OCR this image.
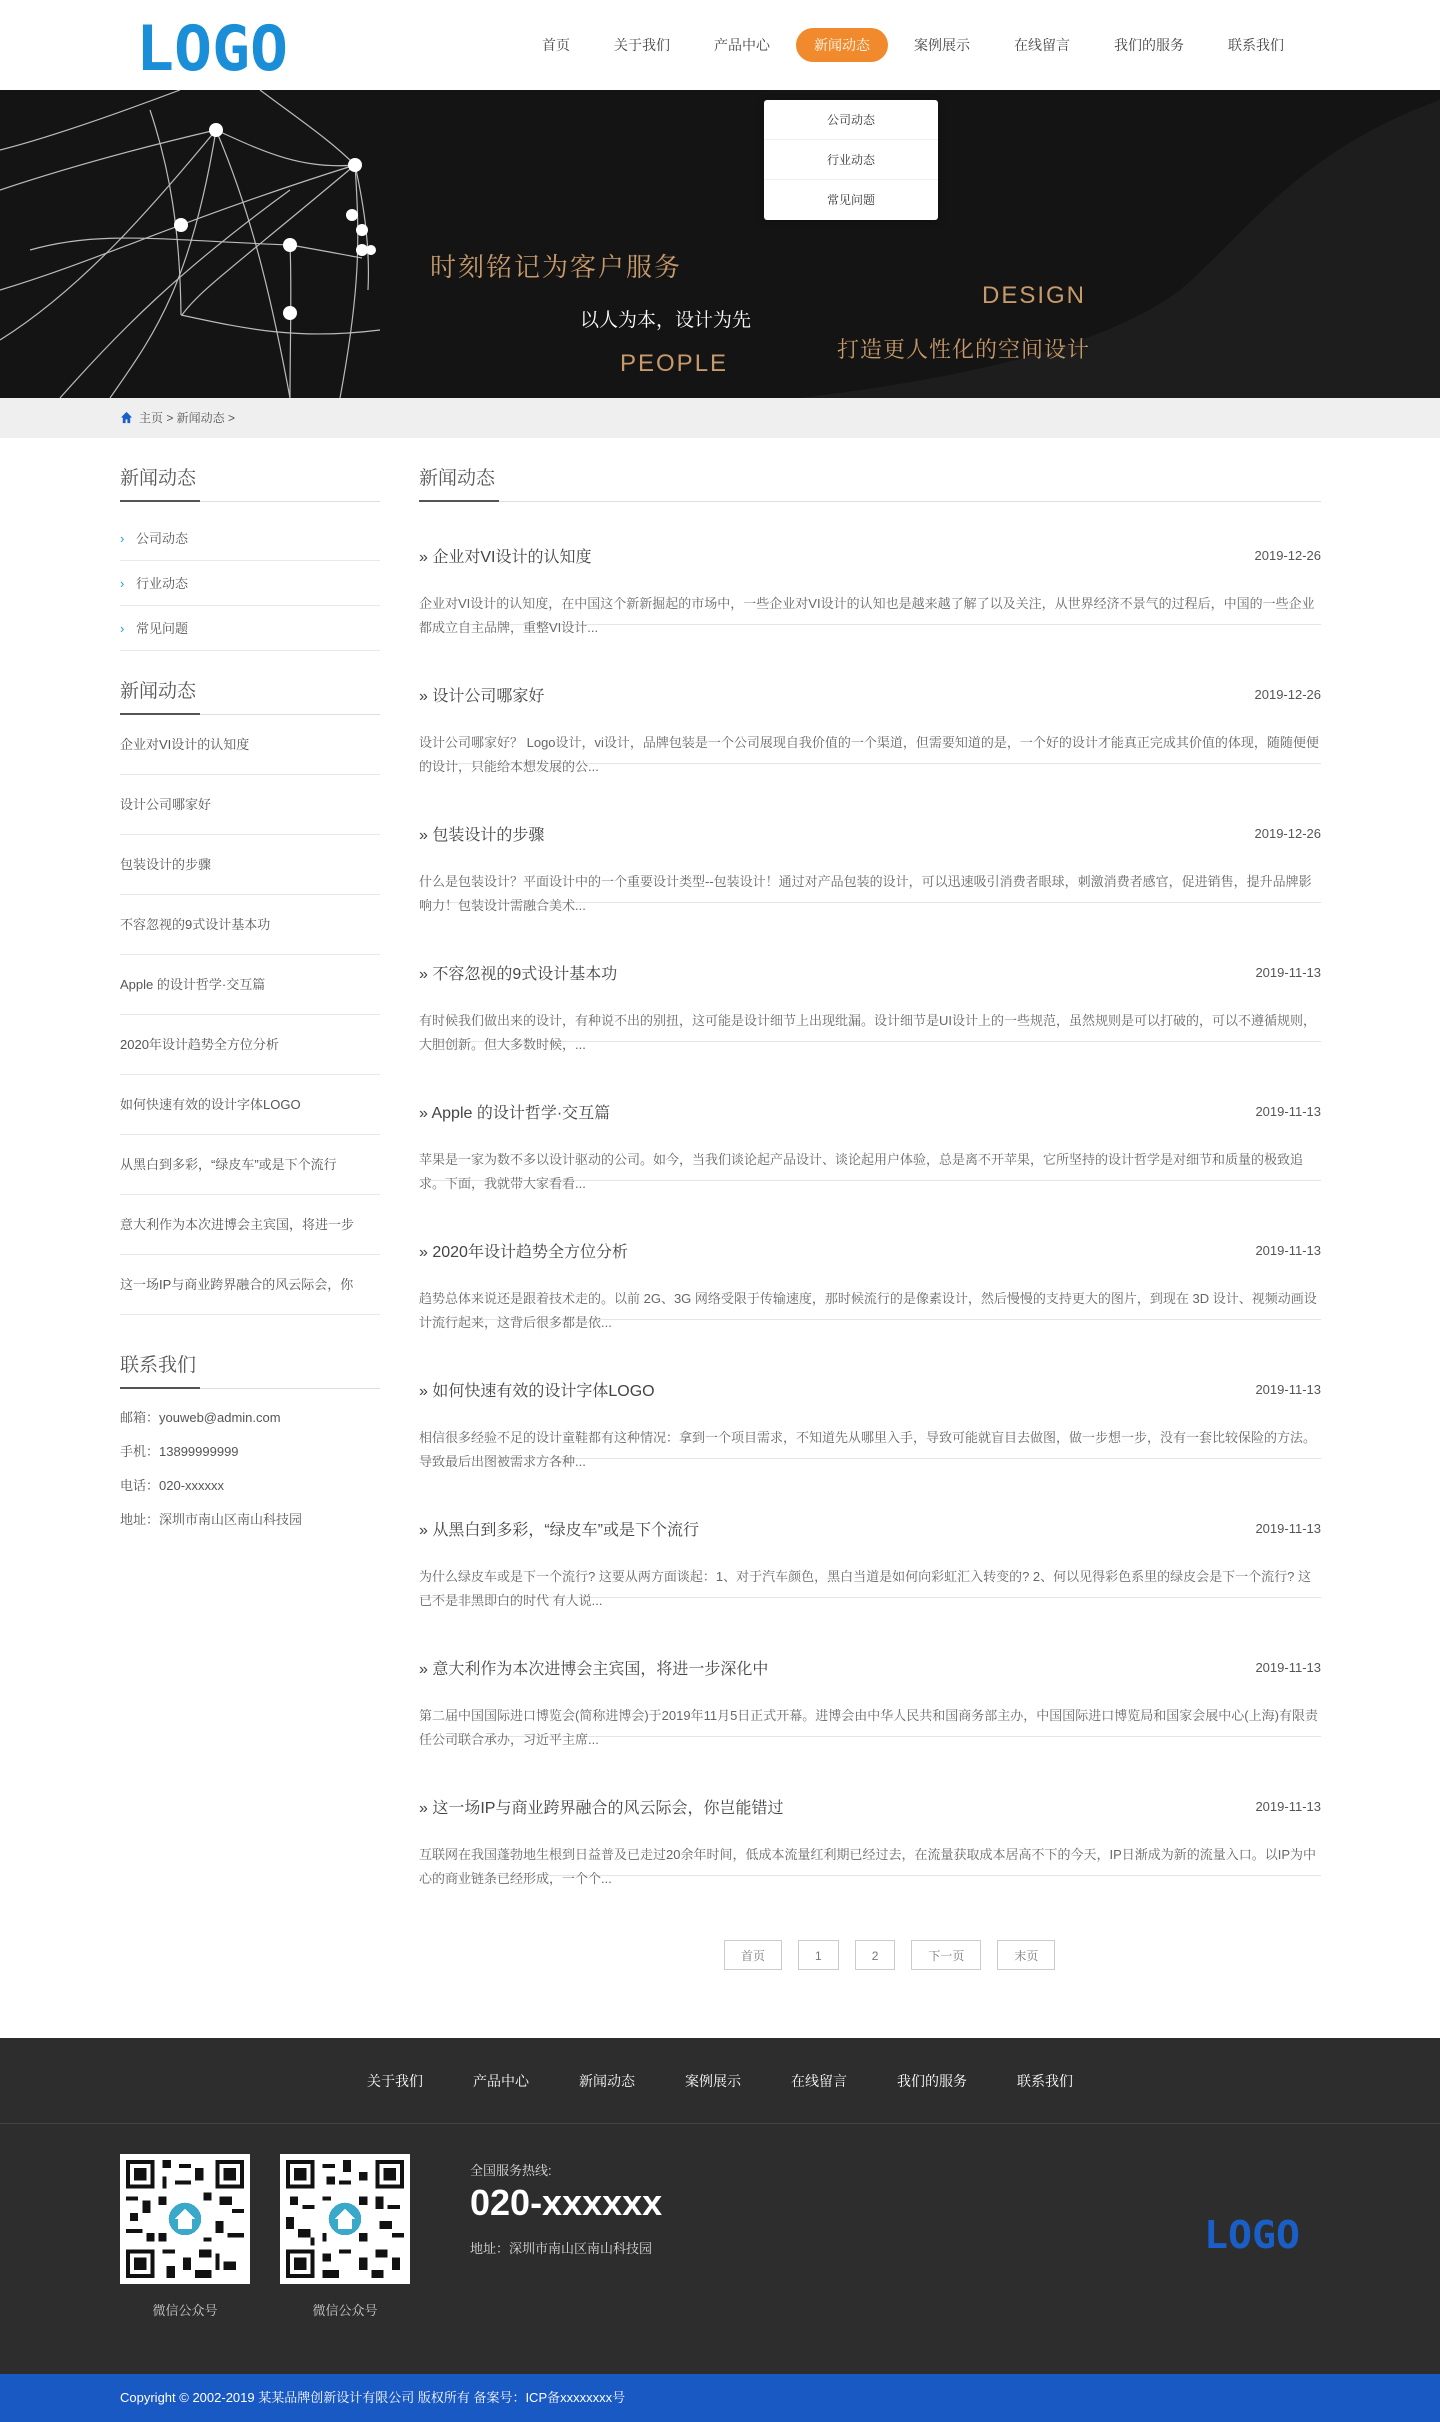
LOGO	首页	关于我们	产品中心	新闻动态	案例展示	在线留言	我们的服务	联系我们
公司动态
行业动态
常见问题
时刻铭记为客户服务
以人为本，设计为先
PEOPLE
DESIGN
打造更人性化的空间设计
主页 > 新闻动态 >
新闻动态
› 公司动态
› 行业动态
› 常见问题
新闻动态
企业对VI设计的认知度
设计公司哪家好
包装设计的步骤
不容忽视的9式设计基本功
Apple 的设计哲学·交互篇
2020年设计趋势全方位分析
如何快速有效的设计字体LOGO
从黑白到多彩，“绿皮车”或是下个流行
意大利作为本次进博会主宾国，将进一步
这一场IP与商业跨界融合的风云际会，你
联系我们
邮箱：youweb@admin.com
手机：13899999999
电话：020-xxxxxx
地址：深圳市南山区南山科技园
新闻动态
» 企业对VI设计的认知度	2019-12-26
企业对VI设计的认知度，在中国这个新新掘起的市场中，一些企业对VI设计的认知也是越来越了解了以及关注，从世界经济不景气的过程后，中国的一些企业都成立自主品牌，重整VI设计...
» 设计公司哪家好	2019-12-26
设计公司哪家好？ Logo设计，vi设计，品牌包装是一个公司展现自我价值的一个渠道，但需要知道的是，一个好的设计才能真正完成其价值的体现，随随便便的设计，只能给本想发展的公...
» 包装设计的步骤	2019-12-26
什么是包装设计？平面设计中的一个重要设计类型--包装设计！通过对产品包装的设计，可以迅速吸引消费者眼球，刺激消费者感官，促进销售，提升品牌影响力！包装设计需融合美术...
» 不容忽视的9式设计基本功	2019-11-13
有时候我们做出来的设计，有种说不出的别扭，这可能是设计细节上出现纰漏。设计细节是UI设计上的一些规范，虽然规则是可以打破的，可以不遵循规则，大胆创新。但大多数时候，...
» Apple 的设计哲学·交互篇	2019-11-13
苹果是一家为数不多以设计驱动的公司。如今，当我们谈论起产品设计、谈论起用户体验，总是离不开苹果，它所坚持的设计哲学是对细节和质量的极致追求。下面，我就带大家看看...
» 2020年设计趋势全方位分析	2019-11-13
趋势总体来说还是跟着技术走的。以前 2G、3G 网络受限于传输速度，那时候流行的是像素设计，然后慢慢的支持更大的图片，到现在 3D 设计、视频动画设计流行起来，这背后很多都是依...
» 如何快速有效的设计字体LOGO	2019-11-13
相信很多经验不足的设计童鞋都有这种情况：拿到一个项目需求，不知道先从哪里入手，导致可能就盲目去做图，做一步想一步，没有一套比较保险的方法。导致最后出图被需求方各种...
» 从黑白到多彩，“绿皮车”或是下个流行	2019-11-13
为什么绿皮车或是下一个流行? 这要从两方面谈起：1、对于汽车颜色，黑白当道是如何向彩虹汇入转变的? 2、何以见得彩色系里的绿皮会是下一个流行? 这已不是非黑即白的时代 有人说...
» 意大利作为本次进博会主宾国，将进一步深化中	2019-11-13
第二届中国国际进口博览会(简称进博会)于2019年11月5日正式开幕。进博会由中华人民共和国商务部主办，中国国际进口博览局和国家会展中心(上海)有限责任公司联合承办，习近平主席...
» 这一场IP与商业跨界融合的风云际会，你岂能错过	2019-11-13
互联网在我国蓬勃地生根到日益普及已走过20余年时间，低成本流量红利期已经过去，在流量获取成本居高不下的今天，IP日渐成为新的流量入口。以IP为中心的商业链条已经形成，一个个...
首页	1	2	下一页	末页
关于我们	产品中心	新闻动态	案例展示	在线留言	我们的服务	联系我们
微信公众号	微信公众号
全国服务热线:
020-xxxxxx
地址：深圳市南山区南山科技园	LOGO
Copyright © 2002-2019 某某品牌创新设计有限公司 版权所有 备案号：ICP备xxxxxxxx号
